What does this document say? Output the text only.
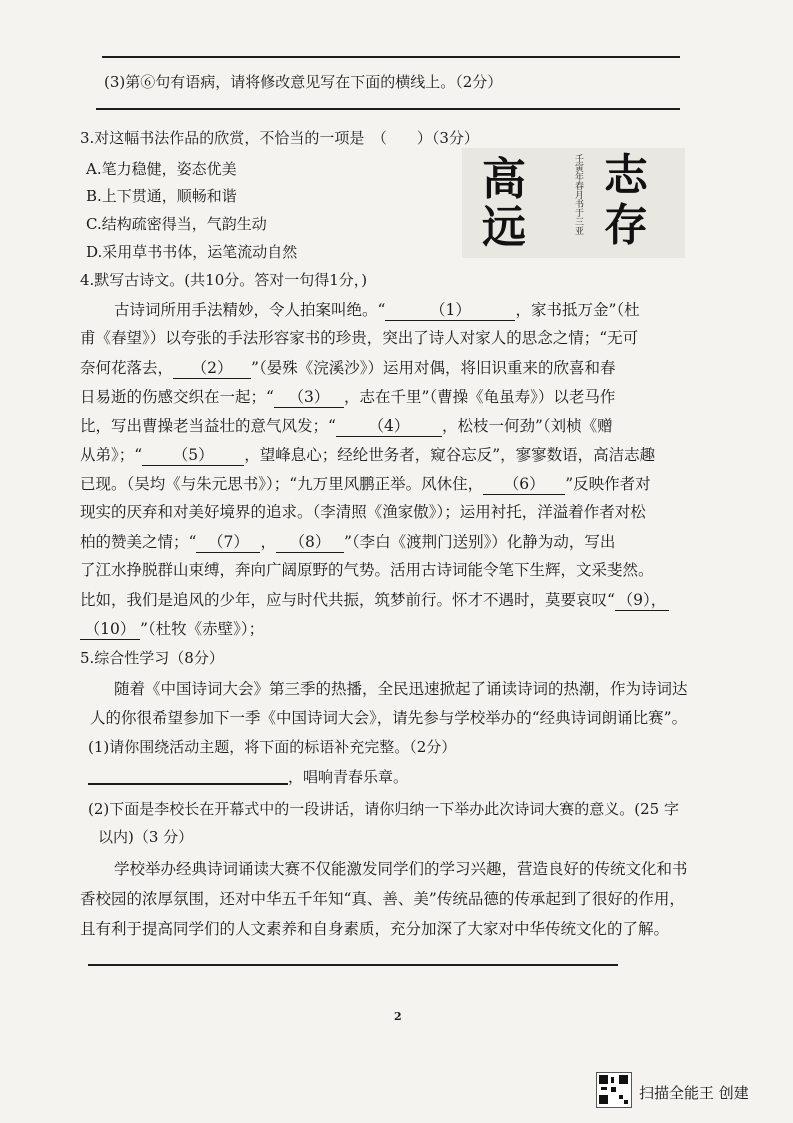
(3)第⑥句有语病，请将修改意见写在下面的横线上。（2分）
3.对这幅书法作品的欣赏，不恰当的一项是　（　　）（3分）
A.笔力稳健，姿态优美
B.上下贯通，顺畅和谐
C.结构疏密得当，气韵生动
D.采用草书书体，运笔流动自然
志
存
高
远	壬寅年春月书于三亚
4.默写古诗文。(共10分。答对一句得1分，)
古诗词所用手法精妙，令人拍案叫绝。“	（1）	，家书抵万金”（杜
甫《春望》）以夸张的手法形容家书的珍贵，突出了诗人对家人的思念之情；“无可
奈何花落去， （2） ”（晏殊《浣溪沙》）运用对偶，将旧识重来的欣喜和春
日易逝的伤感交织在一起；“ （3） ，志在千里”（曹操《龟虽寿》）以老马作
比，写出曹操老当益壮的意气风发；“ （4） ，松枝一何劲”（刘桢《赠
从弟》；“ （5） ，望峰息心；经纶世务者，窥谷忘反”，寥寥数语，高洁志趣
已现。（吴均《与朱元思书》）；“九万里风鹏正举。风休住， （6） ”反映作者对
现实的厌弃和对美好境界的追求。（李清照《渔家傲》）；运用衬托，洋溢着作者对松
柏的赞美之情；“ （7） ， （8） ”（李白《渡荆门送别》）化静为动，写出
了江水挣脱群山束缚，奔向广阔原野的气势。活用古诗词能令笔下生辉，文采斐然。
比如，我们是追风的少年，应与时代共振，筑梦前行。怀才不遇时，莫要哀叹“ （9），
（10） ”（杜牧《赤壁》）；
5.综合性学习（8分）
随着《中国诗词大会》第三季的热播，全民迅速掀起了诵读诗词的热潮，作为诗词达
人的你很希望参加下一季《中国诗词大会》，请先参与学校举办的“经典诗词朗诵比赛”。
(1)请你围绕活动主题，将下面的标语补充完整。（2分）
，唱响青春乐章。
(2)下面是李校长在开幕式中的一段讲话，请你归纳一下举办此次诗词大赛的意义。(25 字
以内)（3 分）
学校举办经典诗词诵读大赛不仅能激发同学们的学习兴趣，营造良好的传统文化和书
香校园的浓厚氛围，还对中华五千年知“真、善、美”传统品德的传承起到了很好的作用，
且有利于提高同学们的人文素养和自身素质，充分加深了大家对中华传统文化的了解。
2
扫描全能王 创建
